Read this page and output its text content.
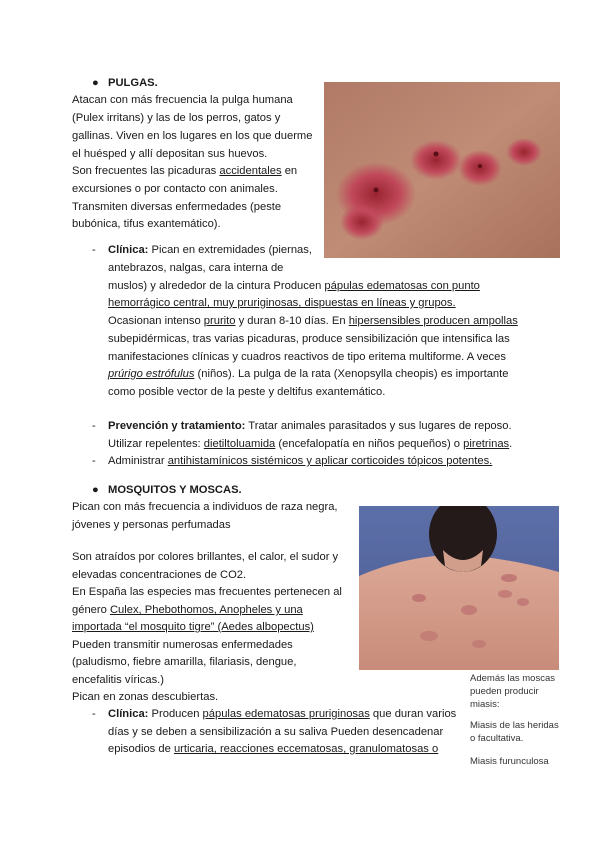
● PULGAS.
Atacan con más frecuencia la pulga humana
(Pulex irritans) y las de los perros, gatos y
gallinas. Viven en los lugares en los que duerme
el huésped y allí depositan sus huevos.
Son frecuentes las picaduras accidentales en
excursiones o por contacto con animales.
Transmiten diversas enfermedades (peste
bubónica, tifus exantemático).
- Clínica: Pican en extremidades (piernas,
antebrazos, nalgas, cara interna de
muslos) y alrededor de la cintura Producen pápulas edematosas con punto
hemorrágico central, muy pruriginosas, dispuestas en líneas y grupos.
Ocasionan intenso prurito y duran 8-10 días. En hipersensibles producen ampollas
subepidérmicas, tras varias picaduras, produce sensibilización que intensifica las
manifestaciones clínicas y cuadros reactivos de tipo eritema multiforme. A veces
prúrigo estrófulus (niños). La pulga de la rata (Xenopsylla cheopis) es importante
como posible vector de la peste y deltifus exantemático.
- Prevención y tratamiento: Tratar animales parasitados y sus lugares de reposo.
Utilizar repelentes: dietiltoluamida (encefalopatía en niños pequeños) o piretrinas.
- Administrar antihistamínicos sistémicos y aplicar corticoides tópicos potentes.
● MOSQUITOS Y MOSCAS.
Pican con más frecuencia a individuos de raza negra,
jóvenes y personas perfumadas
Son atraídos por colores brillantes, el calor, el sudor y
elevadas concentraciones de CO2.
En España las especies mas frecuentes pertenecen al
género Culex, Phebothomos, Anopheles y una
importada “el mosquito tigre” (Aedes albopectus)
Pueden transmitir numerosas enfermedades
(paludismo, fiebre amarilla, filariasis, dengue,
encefalitis víricas.)
Pican en zonas descubiertas.
- Clínica: Producen pápulas edematosas pruriginosas que duran varios
días y se deben a sensibilización a su saliva Pueden desencadenar
episodios de urticaria, reacciones eccematosas, granulomatosas o
Además las moscas
pueden producir
miasis:
Miasis de las heridas
o facultativa.
Miasis furunculosa
